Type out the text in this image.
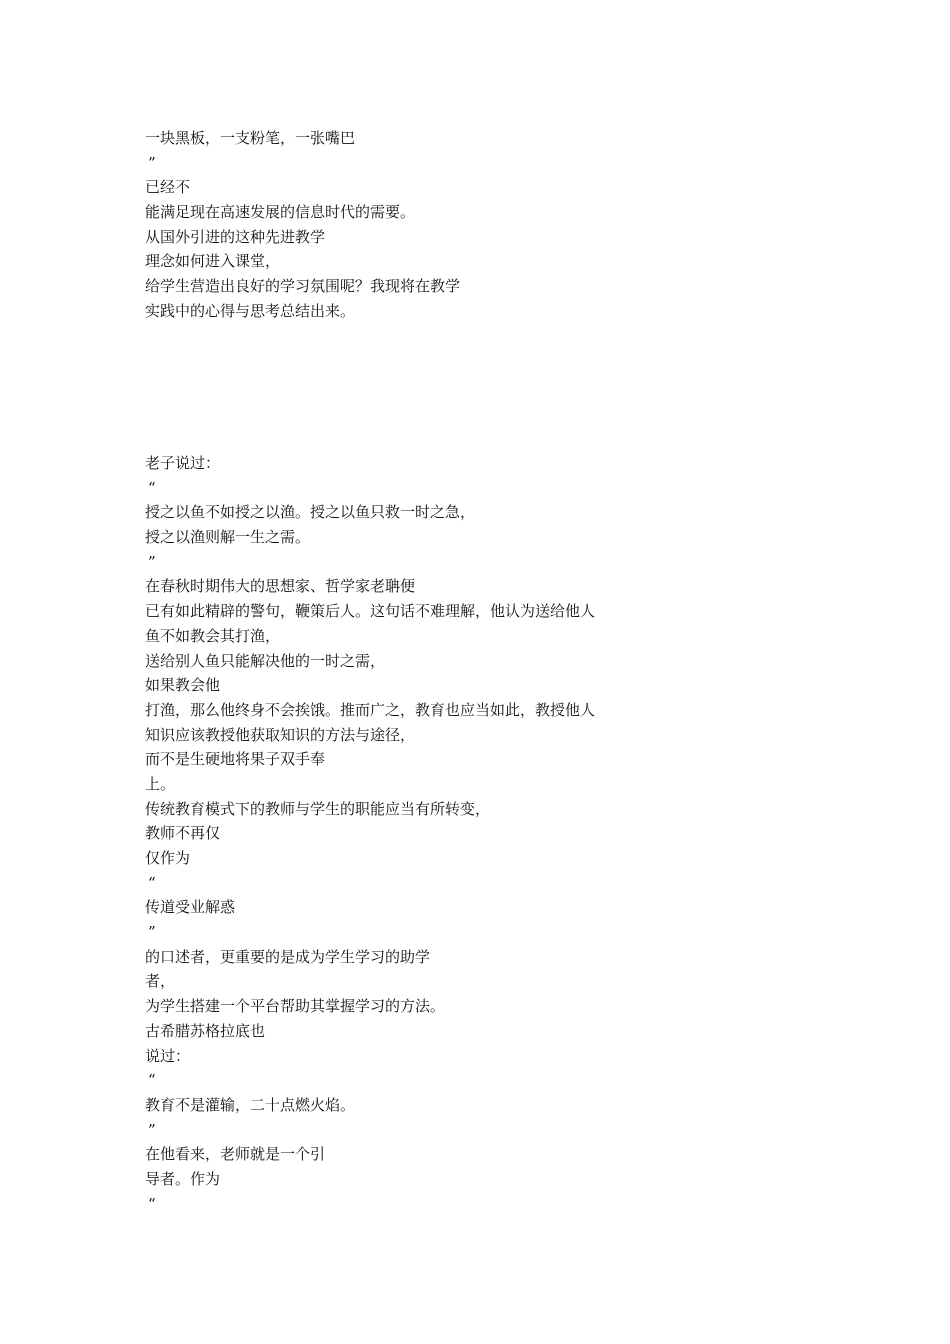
一块黑板，一支粉笔，一张嘴巴
”
已经不
能满足现在高速发展的信息时代的需要。
从国外引进的这种先进教学
理念如何进入课堂，
给学生营造出良好的学习氛围呢？我现将在教学
实践中的心得与思考总结出来。
老子说过：
“
授之以鱼不如授之以渔。授之以鱼只救一时之急，
授之以渔则解一生之需。
”
在春秋时期伟大的思想家、哲学家老聃便
已有如此精辟的警句，鞭策后人。这句话不难理解，他认为送给他人
鱼不如教会其打渔，
送给别人鱼只能解决他的一时之需，
如果教会他
打渔，那么他终身不会挨饿。推而广之，教育也应当如此，教授他人
知识应该教授他获取知识的方法与途径，
而不是生硬地将果子双手奉
上。
传统教育模式下的教师与学生的职能应当有所转变，
教师不再仅
仅作为
“
传道受业解惑
”
的口述者，更重要的是成为学生学习的助学
者，
为学生搭建一个平台帮助其掌握学习的方法。
古希腊苏格拉底也
说过：
“
教育不是灌输，二十点燃火焰。
”
在他看来，老师就是一个引
导者。作为
“
